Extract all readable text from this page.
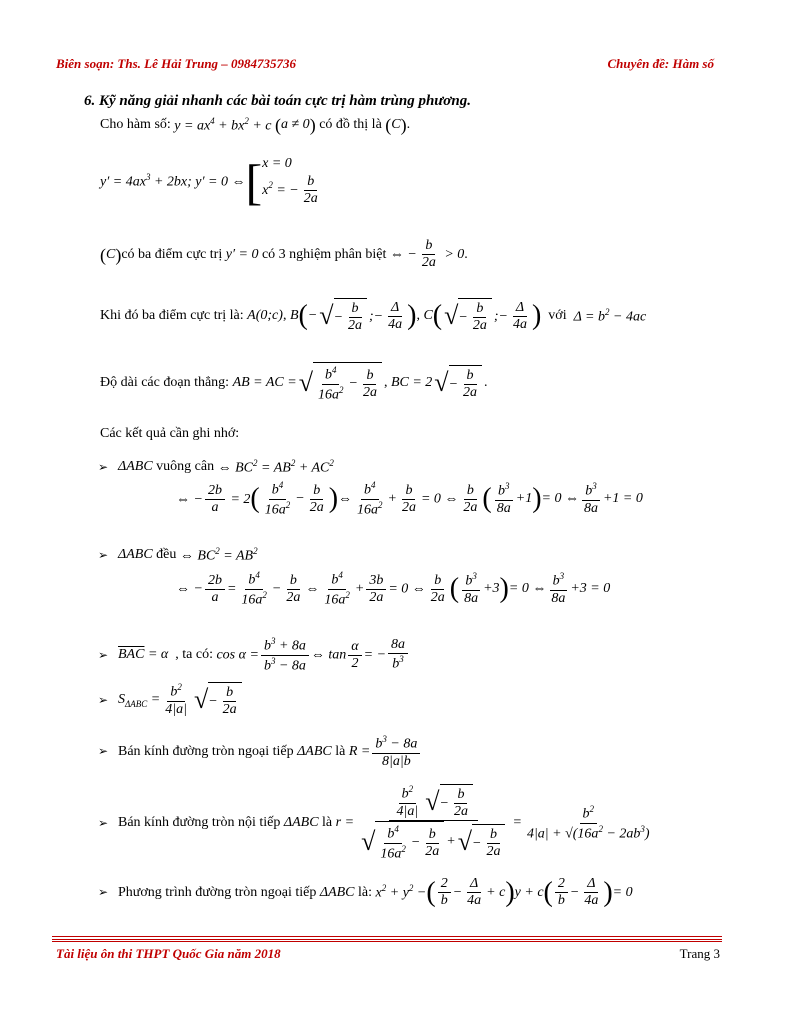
Biên soạn: Ths. Lê Hải Trung – 0984735736	Chuyên đề: Hàm số
6. Kỹ năng giải nhanh các bài toán cực trị hàm trùng phương.
Cho hàm số:
$y = ax^4 + bx^2 + c$
( a ≠ 0 )
có đồ thị là
( C ) .
$y' = 4ax^3 + 2bx$; y′ = 0 ⇔ [ x = 0
$x^2$ = − $\frac{b}{2a}$
( C ) có ba điểm cực trị
y′ = 0
có 3 nghiệm phân biệt
⇔ − $\frac{b}{2a} > 0$ .
Khi đó ba điểm cực trị là:
A(0;c) , B ( − √ − $\frac{b}{2a}$ ;− $\frac{\Delta}{4a}$ ) , C ( √ − $\frac{b}{2a}$ ;− $\frac{\Delta}{4a}$ )
với
$\Delta = b^2 - 4ac$
Độ dài các đoạn thẳng:
AB = AC = √ $\frac{b^4}{16a^2} - \frac{b}{2a}$ , BC = 2 √ − $\frac{b}{2a}$ .
Các kết quả cần ghi nhớ:
➢ ΔABC
vuông cân
⇔ $BC^2 = AB^2 + AC^2$
⇔ − $\frac{2b}{a} = 2$ ( $\frac{b^4}{16a^2} - \frac{b}{2a}$ ) ⇔ $\frac{b^4}{16a^2} + \frac{b}{2a} = 0$ ⇔ $\frac{b}{2a}$ ( $\frac{b^3}{8a} +1$ ) = 0 ⇔ $\frac{b^3}{8a} +1 = 0$
➢ ΔABC
đều
⇔ $BC^2 = AB^2$
⇔ − $\frac{2b}{a} = \frac{b^4}{16a^2} - \frac{b}{2a}$ ⇔ $\frac{b^4}{16a^2} + \frac{3b}{2a} = 0$ ⇔ $\frac{b}{2a}$ ( $\frac{b^3}{8a} +3$ ) = 0 ⇔ $\frac{b^3}{8a} +3 = 0$
➢ $\overline{BAC} = \alpha$
, ta có:
$\cos \alpha = \frac{b^3 + 8a}{b^3 - 8a}$ ⇔ $\tan \frac{\alpha}{2}$ = − $\frac{8a}{b^3}$
➢ $S_{\Delta ABC} = \frac{b^2}{4|a|}$ √ − $\frac{b}{2a}$
➢ Bán kính đường tròn ngoại tiếp
ΔABC
là
$R = \frac{b^3 - 8a}{8|a|b}$
➢ Bán kính đường tròn nội tiếp
ΔABC
là
$r = \frac{\frac{b^2}{4|a|} √ - \frac{b}{2a}}{√ \frac{b^4}{16a^2} - \frac{b}{2a} + √ - \frac{b}{2a}} = \frac{b^2}{4|a| + √(16a^2 - 2ab^3)}$
➢ Phương trình đường tròn ngoại tiếp
ΔABC
là:
$x^2 + y^2$ − ( $\frac{2}{b} - \frac{\Delta}{4a} + c$ ) y + c ( $\frac{2}{b} - \frac{\Delta}{4a}$ ) = 0
Tài liệu ôn thi THPT Quốc Gia năm 2018	Trang 3
